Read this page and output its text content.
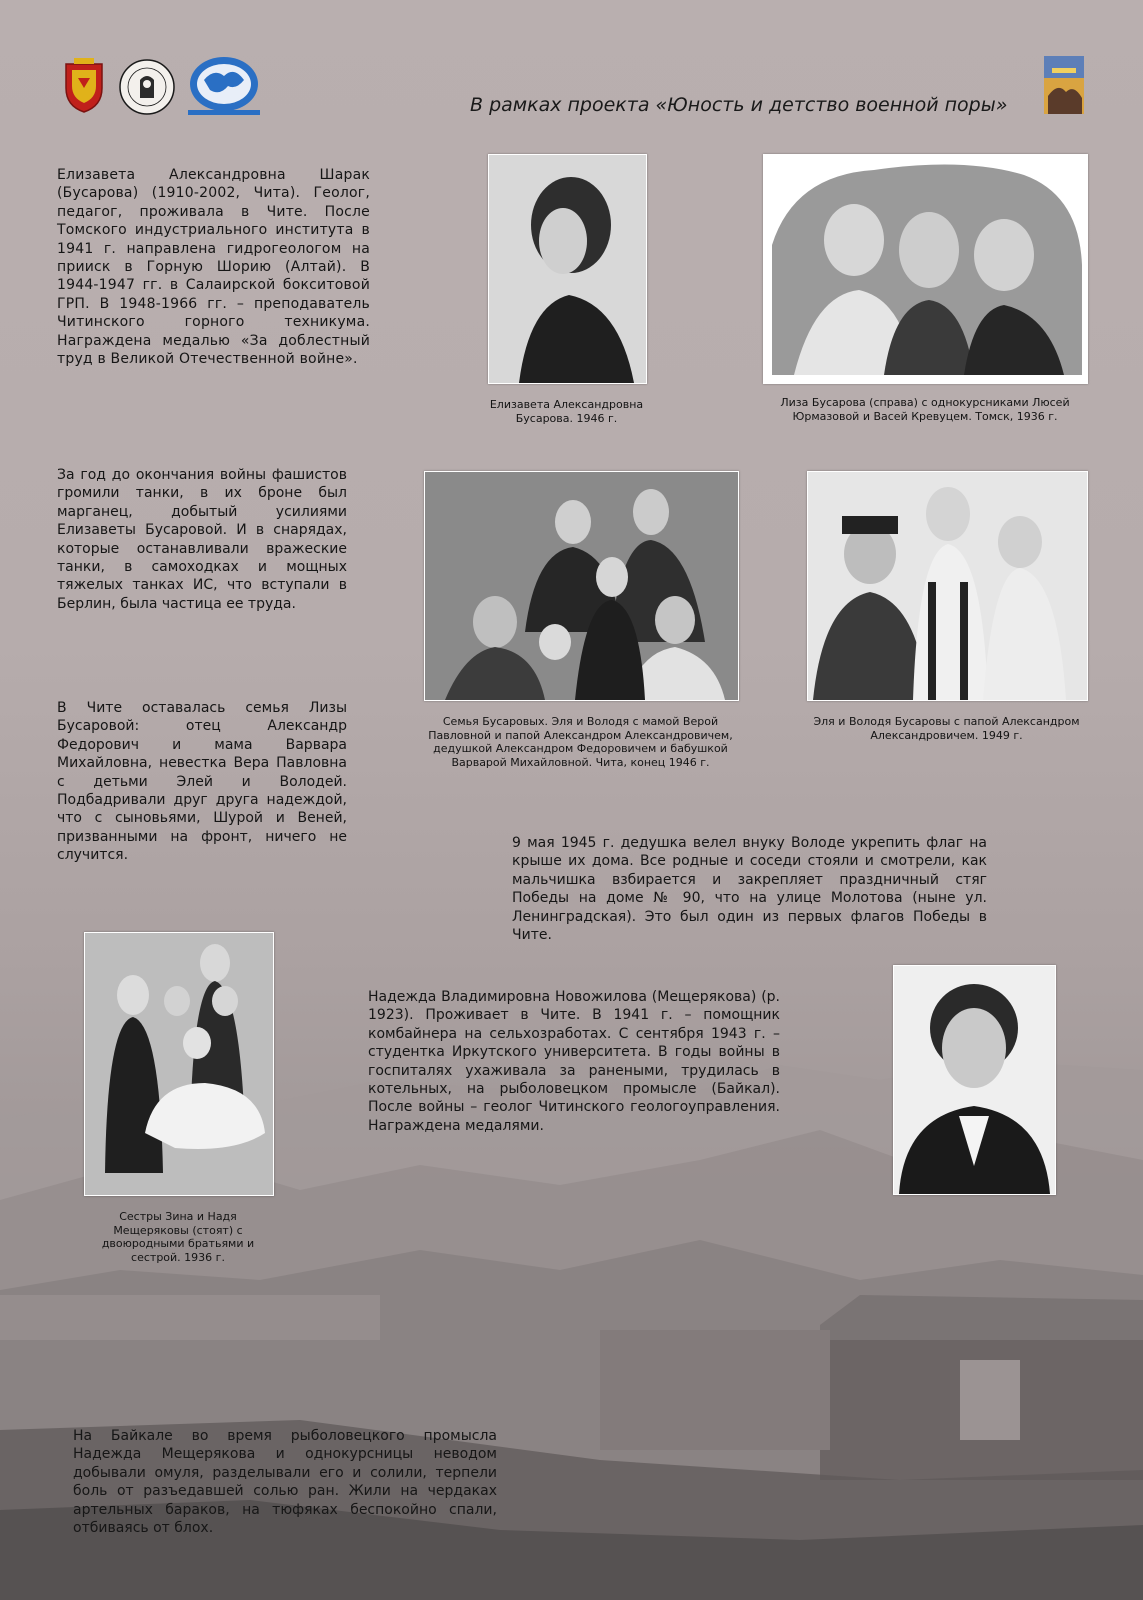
В рамках проекта «Юность и детство военной поры»
Елизавета Александровна Шарак (Бусарова) (1910-2002, Чита). Геолог, педагог, проживала в Чите. После Томского индустриального института в 1941 г. направлена гидрогеологом на прииск в Горную Шорию (Алтай). В 1944-1947 гг. в Салаирской бокситовой ГРП. В 1948-1966 гг. – преподаватель Читинского горного техникума. Награждена медалью «За доблестный труд в Великой Отечественной войне».
За год до окончания войны фашистов громили танки, в их броне был марганец, добытый усилиями Елизаветы Бусаровой. И в снарядах, которые останавливали вражеские танки, в самоходках и мощных тяжелых танках ИС, что вступали в Берлин, была частица ее труда.
В Чите оставалась семья Лизы Бусаровой: отец Александр Федорович и мама Варвара Михайловна, невестка Вера Павловна с детьми Элей и Володей. Подбадривали друг друга надеждой, что с сыновьями, Шурой и Веней, призванными на фронт, ничего не случится.
Елизавета Александровна Бусарова. 1946 г.
Лиза Бусарова (справа) с однокурсниками Люсей Юрмазовой и Васей Кревуцем. Томск, 1936 г.
Семья Бусаровых. Эля и Володя с мамой Верой Павловной и папой Александром Александровичем, дедушкой Александром Федоровичем и бабушкой Варварой Михайловной. Чита, конец 1946 г.
Эля и Володя Бусаровы с папой Александром Александровичем. 1949 г.
9 мая 1945 г. дедушка велел внуку Володе укрепить флаг на крыше их дома. Все родные и соседи стояли и смотрели, как мальчишка взбирается и закрепляет праздничный стяг Победы на доме № 90, что на улице Молотова (ныне ул. Ленинградская). Это был один из первых флагов Победы в Чите.
Сестры Зина и Надя Мещеряковы (стоят) с двоюродными братьями и сестрой. 1936 г.
Надежда Владимировна Новожилова (Мещерякова) (р. 1923). Проживает в Чите. В 1941 г. – помощник комбайнера на сельхозработах. С сентября 1943 г. – студентка Иркутского университета. В годы войны в госпиталях ухаживала за ранеными, трудилась в котельных, на рыболовецком промысле (Байкал). После войны – геолог Читинского геологоуправления. Награждена медалями.
На Байкале во время рыболовецкого промысла Надежда Мещерякова и однокурсницы неводом добывали омуля, разделывали его и солили, терпели боль от разъедавшей солью ран. Жили на чердаках артельных бараков, на тюфяках беспокойно спали, отбиваясь от блох.
